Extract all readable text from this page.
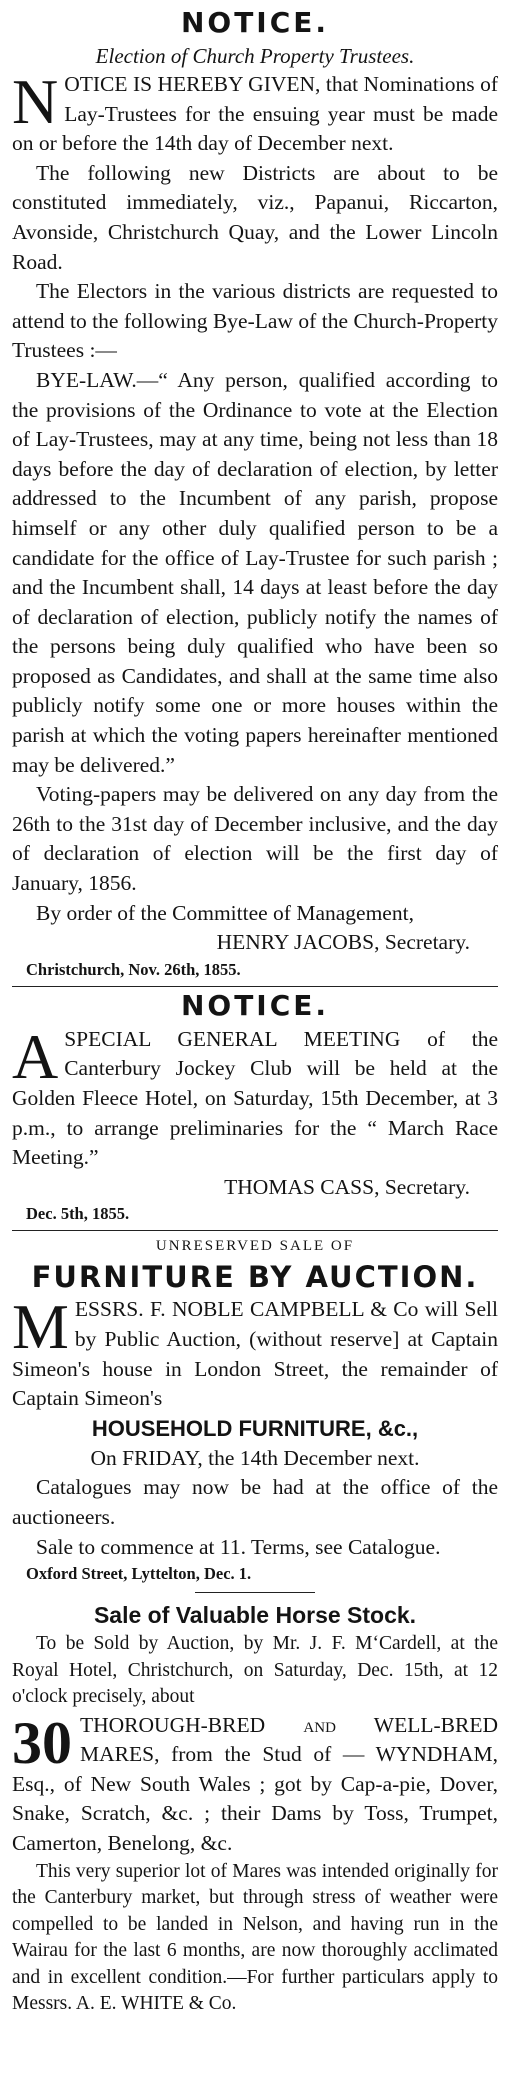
NOTICE.
Election of Church Property Trustees.

N OTICE IS HEREBY GIVEN, that Nominations of Lay-Trustees for the ensuing year must be made on or before the 14th day of December next.

The following new Districts are about to be constituted immediately, viz., Papanui, Riccarton, Avonside, Christchurch Quay, and the Lower Lincoln Road.

The Electors in the various districts are requested to attend to the following Bye-Law of the Church-Property Trustees :—

BYE-LAW.—“ Any person, qualified according to the provisions of the Ordinance to vote at the Election of Lay-Trustees, may at any time, being not less than 18 days before the day of declaration of election, by letter addressed to the Incumbent of any parish, propose himself or any other duly qualified person to be a candidate for the office of Lay-Trustee for such parish ; and the Incumbent shall, 14 days at least before the day of declaration of election, publicly notify the names of the persons being duly qualified who have been so proposed as Candidates, and shall at the same time also publicly notify some one or more houses within the parish at which the voting papers hereinafter mentioned may be delivered.”

Voting-papers may be delivered on any day from the 26th to the 31st day of December inclusive, and the day of declaration of election will be the first day of January, 1856.

By order of the Committee of Management,

HENRY JACOBS, Secretary.

Christchurch, Nov. 26th, 1855.
NOTICE.

A SPECIAL GENERAL MEETING of the Canterbury Jockey Club will be held at the Golden Fleece Hotel, on Saturday, 15th December, at 3 p.m., to arrange preliminaries for the “ March Race Meeting.”

THOMAS CASS, Secretary.

Dec. 5th, 1855.
UNRESERVED SALE OF
FURNITURE BY AUCTION.

M ESSRS. F. NOBLE CAMPBELL & Co will Sell by Public Auction, (without reserve] at Captain Simeon's house in London Street, the remainder of Captain Simeon's

HOUSEHOLD FURNITURE, &c.,
On FRIDAY, the 14th December next.

Catalogues may now be had at the office of the auctioneers.

Sale to commence at 11. Terms, see Catalogue.

Oxford Street, Lyttelton, Dec. 1.
Sale of Valuable Horse Stock.

To be Sold by Auction, by Mr. J. F. M‘Cardell, at the Royal Hotel, Christchurch, on Saturday, Dec. 15th, at 12 o'clock precisely, about

30 THOROUGH-BRED and WELL-BRED MARES, from the Stud of — WYNDHAM, Esq., of New South Wales ; got by Cap-a-pie, Dover, Snake, Scratch, &c. ; their Dams by Toss, Trumpet, Camerton, Benelong, &c.

This very superior lot of Mares was intended originally for the Canterbury market, but through stress of weather were compelled to be landed in Nelson, and having run in the Wairau for the last 6 months, are now thoroughly acclimated and in excellent condition.—For further particulars apply to Messrs. A. E. WHITE & Co.
